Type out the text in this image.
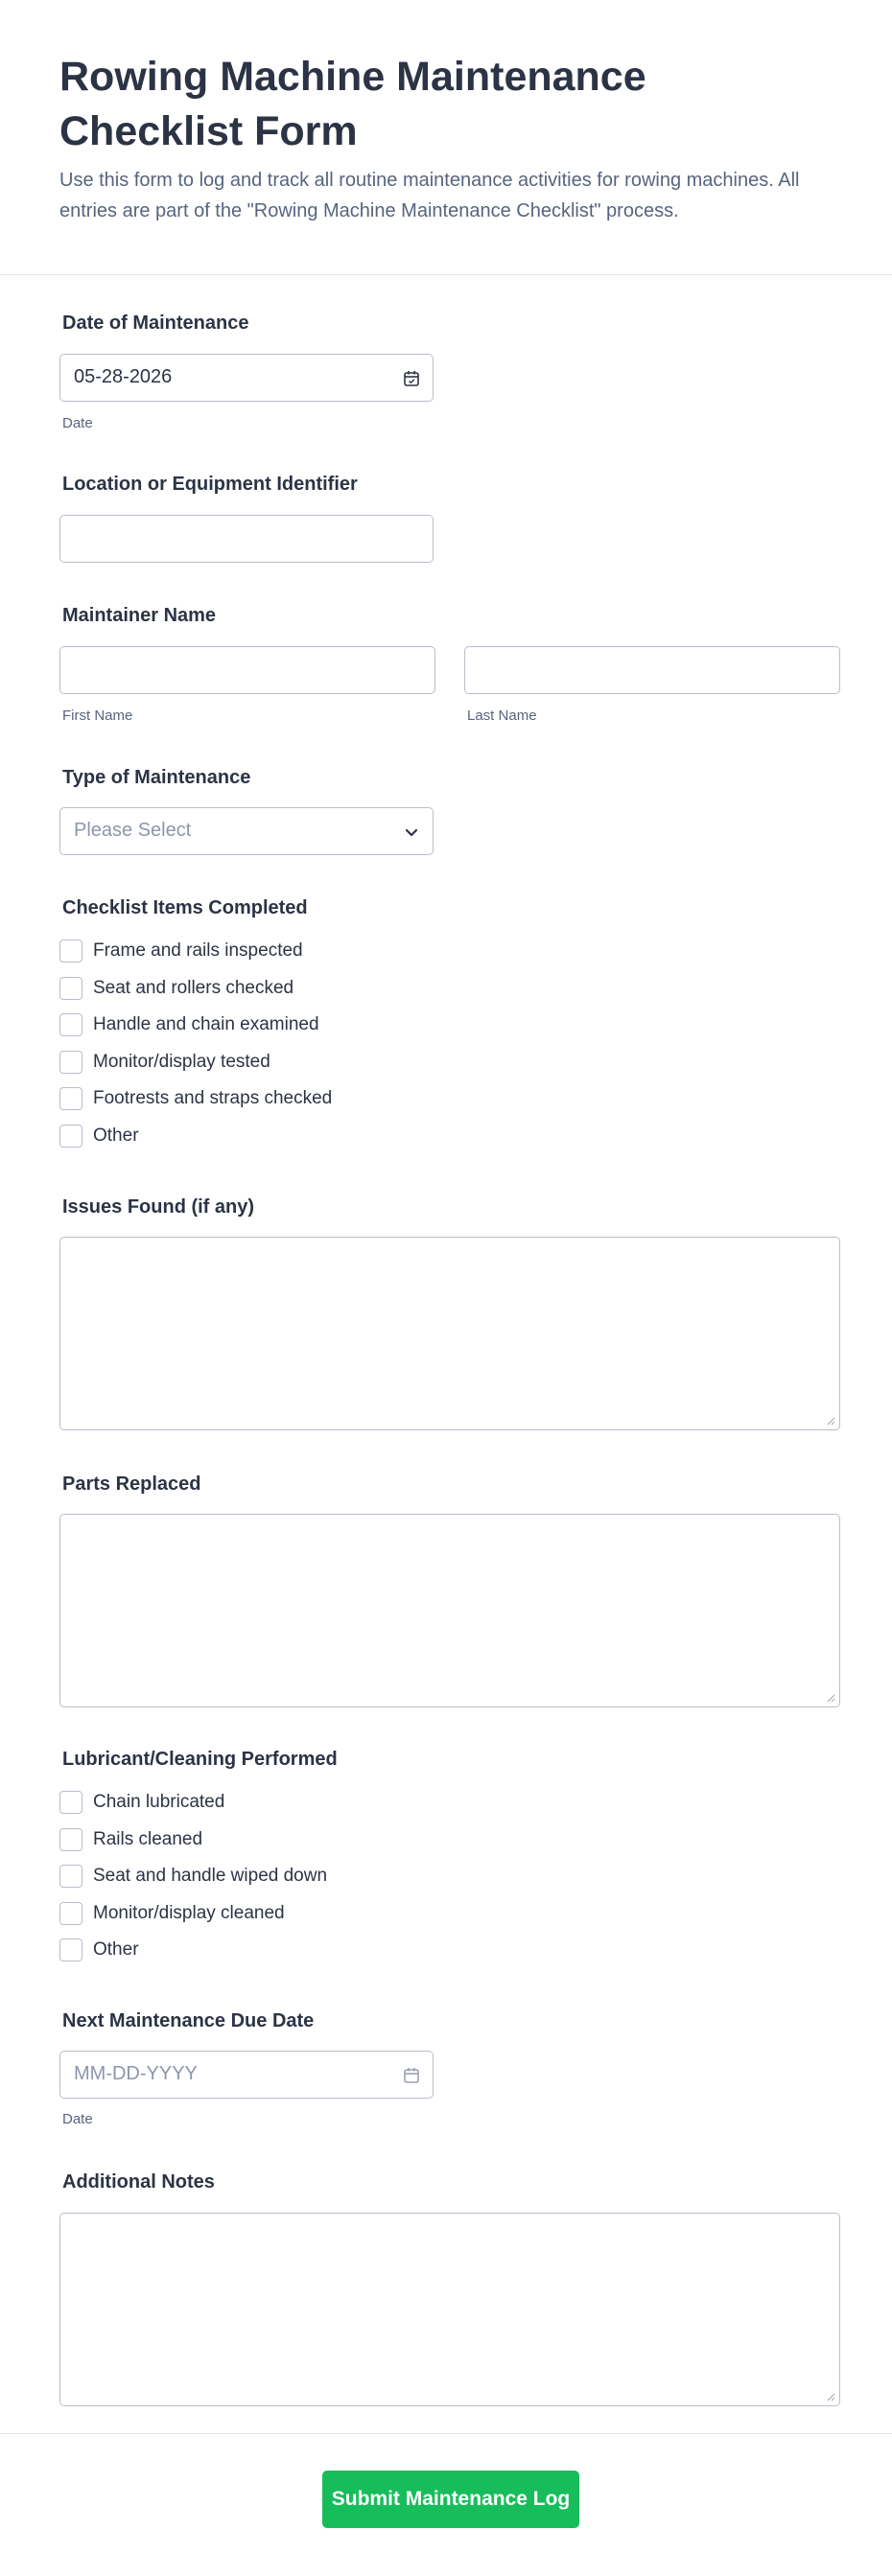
Rowing Machine Maintenance Checklist Form
Use this form to log and track all routine maintenance activities for rowing machines. All entries are part of the "Rowing Machine Maintenance Checklist" process.
Date of Maintenance
05-28-2026
Date
Location or Equipment Identifier
Maintainer Name
First Name	Last Name
Type of Maintenance
Please Select
Checklist Items Completed
Frame and rails inspected
Seat and rollers checked
Handle and chain examined
Monitor/display tested
Footrests and straps checked
Other
Issues Found (if any)
Parts Replaced
Lubricant/Cleaning Performed
Chain lubricated
Rails cleaned
Seat and handle wiped down
Monitor/display cleaned
Other
Next Maintenance Due Date
MM-DD-YYYY
Date
Additional Notes
Submit Maintenance Log
